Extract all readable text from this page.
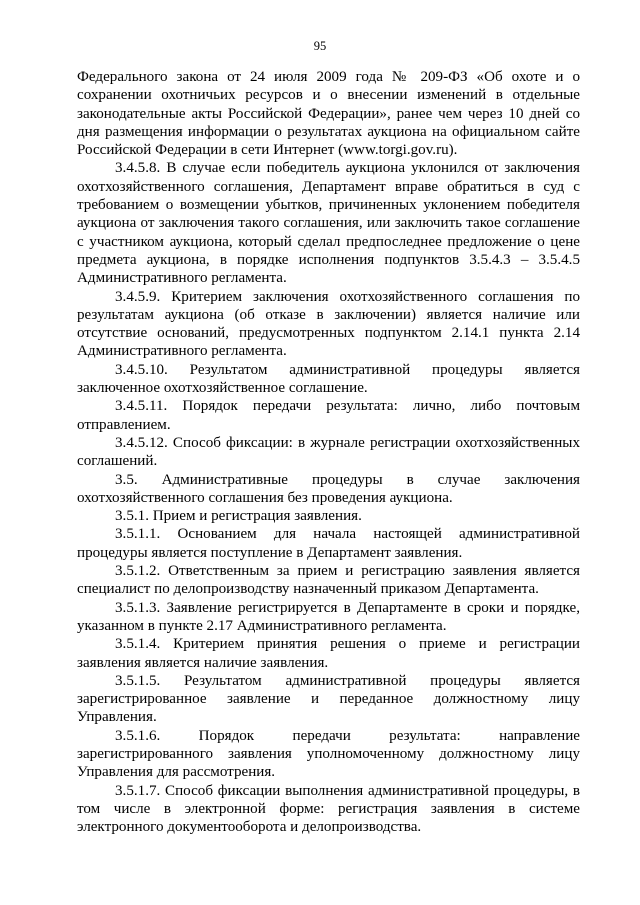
95

Федерального закона от 24 июля 2009 года № 209-ФЗ «Об охоте и о сохранении охотничьих ресурсов и о внесении изменений в отдельные законодательные акты Российской Федерации», ранее чем через 10 дней со дня размещения информации о результатах аукциона на официальном сайте Российской Федерации в сети Интернет (www.torgi.gov.ru).

3.4.5.8. В случае если победитель аукциона уклонился от заключения охотхозяйственного соглашения, Департамент вправе обратиться в суд с требованием о возмещении убытков, причиненных уклонением победителя аукциона от заключения такого соглашения, или заключить такое соглашение с участником аукциона, который сделал предпоследнее предложение о цене предмета аукциона, в порядке исполнения подпунктов 3.5.4.3 – 3.5.4.5 Административного регламента.

3.4.5.9. Критерием заключения охотхозяйственного соглашения по результатам аукциона (об отказе в заключении) является наличие или отсутствие оснований, предусмотренных подпунктом 2.14.1 пункта 2.14 Административного регламента.

3.4.5.10. Результатом административной процедуры является заключенное охотхозяйственное соглашение.

3.4.5.11. Порядок передачи результата: лично, либо почтовым отправлением.

3.4.5.12. Способ фиксации: в журнале регистрации охотхозяйственных соглашений.

3.5. Административные процедуры в случае заключения охотхозяйственного соглашения без проведения аукциона.

3.5.1. Прием и регистрация заявления.

3.5.1.1. Основанием для начала настоящей административной процедуры является поступление в Департамент заявления.

3.5.1.2. Ответственным за прием и регистрацию заявления является специалист по делопроизводству назначенный приказом Департамента.

3.5.1.3. Заявление регистрируется в Департаменте в сроки и порядке, указанном в пункте 2.17 Административного регламента.

3.5.1.4. Критерием принятия решения о приеме и регистрации заявления является наличие заявления.

3.5.1.5. Результатом административной процедуры является зарегистрированное заявление и переданное должностному лицу Управления.

3.5.1.6. Порядок передачи результата: направление зарегистрированного заявления уполномоченному должностному лицу Управления для рассмотрения.

3.5.1.7. Способ фиксации выполнения административной процедуры, в том числе в электронной форме: регистрация заявления в системе электронного документооборота и делопроизводства.
